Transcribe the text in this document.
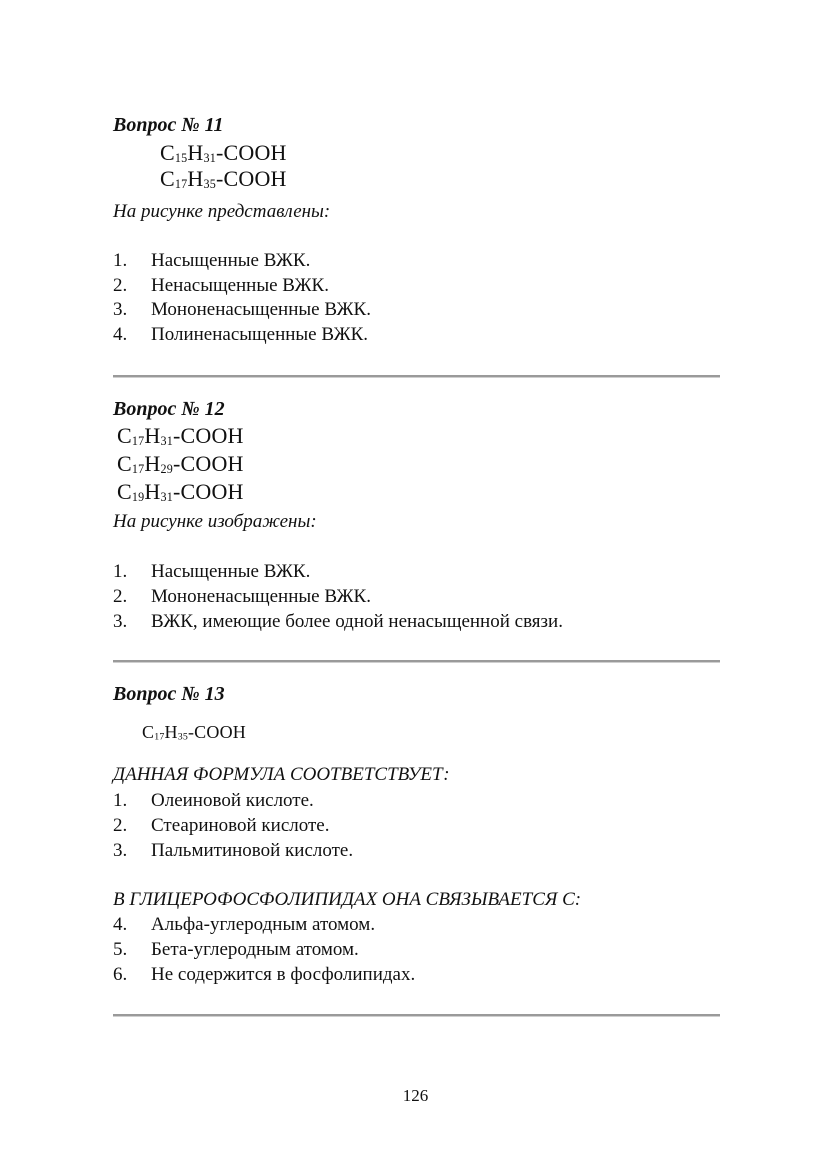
Вопрос № 11
$C_{15}H_{31}$-COOH
$C_{17}H_{35}$-COOH
На рисунке представлены:
1. Насыщенные ВЖК.
2. Ненасыщенные ВЖК.
3. Мононенасыщенные ВЖК.
4. Полиненасыщенные ВЖК.
Вопрос № 12
$C_{17}H_{31}$-COOH
$C_{17}H_{29}$-COOH
$C_{19}H_{31}$-COOH
На рисунке изображены:
1. Насыщенные ВЖК.
2. Мононенасыщенные ВЖК.
3. ВЖК, имеющие более одной ненасыщенной связи.
Вопрос № 13
$C_{17}H_{35}$-COOH
ДАННАЯ ФОРМУЛА СООТВЕТСТВУЕТ:
1. Олеиновой кислоте.
2. Стеариновой кислоте.
3. Пальмитиновой кислоте.
В ГЛИЦЕРОФОСФОЛИПИДАХ ОНА СВЯЗЫВАЕТСЯ С:
4. Альфа-углеродным атомом.
5. Бета-углеродным атомом.
6. Не содержится в фосфолипидах.
126
